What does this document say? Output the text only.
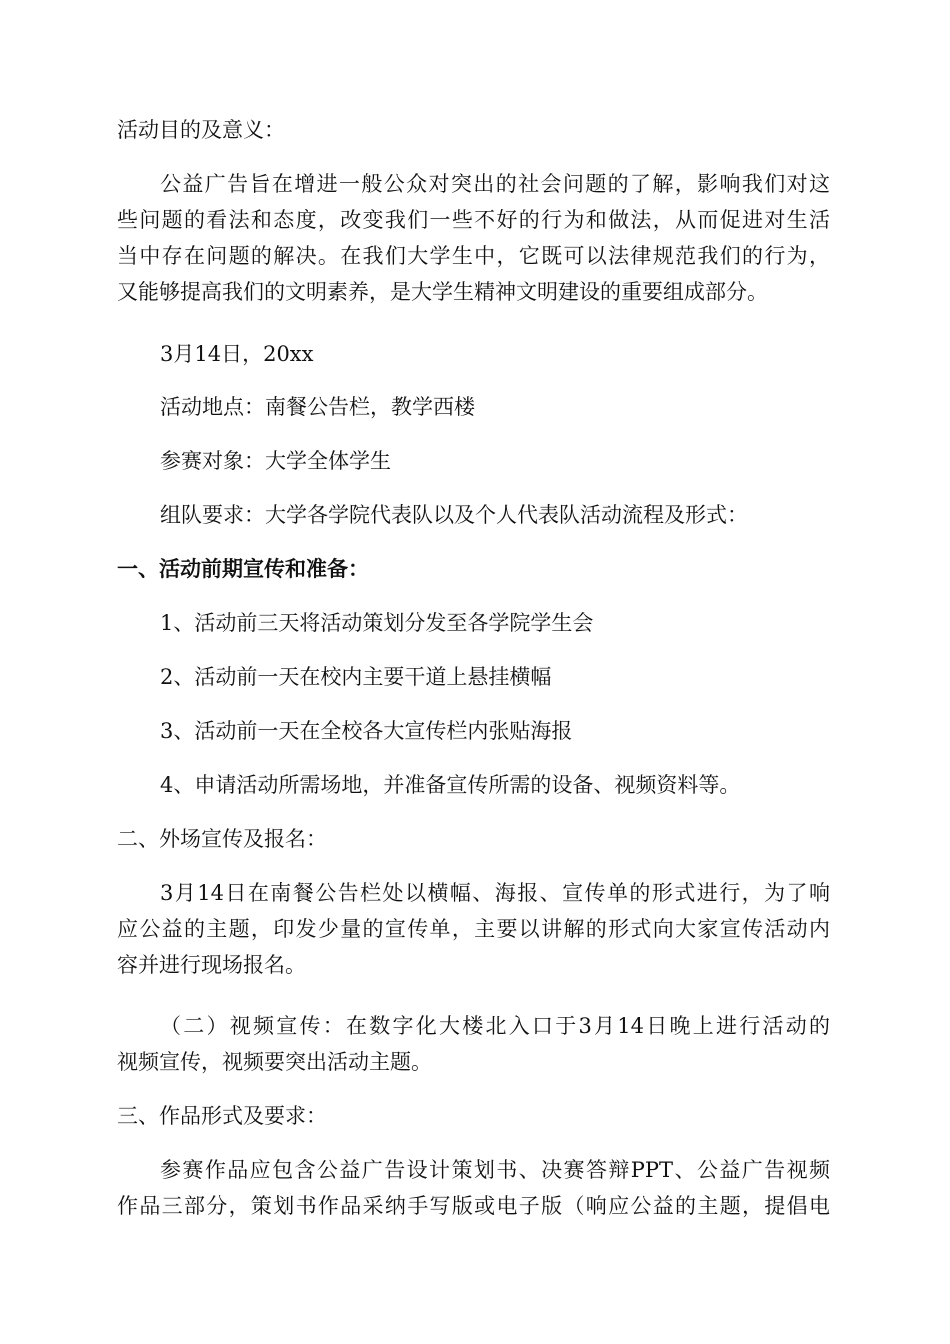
活动目的及意义：
公益广告旨在增进一般公众对突出的社会问题的了解，影响我们对这
些问题的看法和态度，改变我们一些不好的行为和做法，从而促进对生活
当中存在问题的解决。在我们大学生中，它既可以法律规范我们的行为，
又能够提高我们的文明素养，是大学生精神文明建设的重要组成部分。
3月14日，20xx
活动地点：南餐公告栏，教学西楼
参赛对象：大学全体学生
组队要求：大学各学院代表队以及个人代表队活动流程及形式：
一、活动前期宣传和准备：
1、活动前三天将活动策划分发至各学院学生会
2、活动前一天在校内主要干道上悬挂横幅
3、活动前一天在全校各大宣传栏内张贴海报
4、申请活动所需场地，并准备宣传所需的设备、视频资料等。
二、外场宣传及报名：
3月14日在南餐公告栏处以横幅、海报、宣传单的形式进行，为了响
应公益的主题，印发少量的宣传单，主要以讲解的形式向大家宣传活动内
容并进行现场报名。
（二）视频宣传：在数字化大楼北入口于3月14日晚上进行活动的
视频宣传，视频要突出活动主题。
三、作品形式及要求：
参赛作品应包含公益广告设计策划书、决赛答辩PPT、公益广告视频
作品三部分，策划书作品采纳手写版或电子版（响应公益的主题，提倡电
